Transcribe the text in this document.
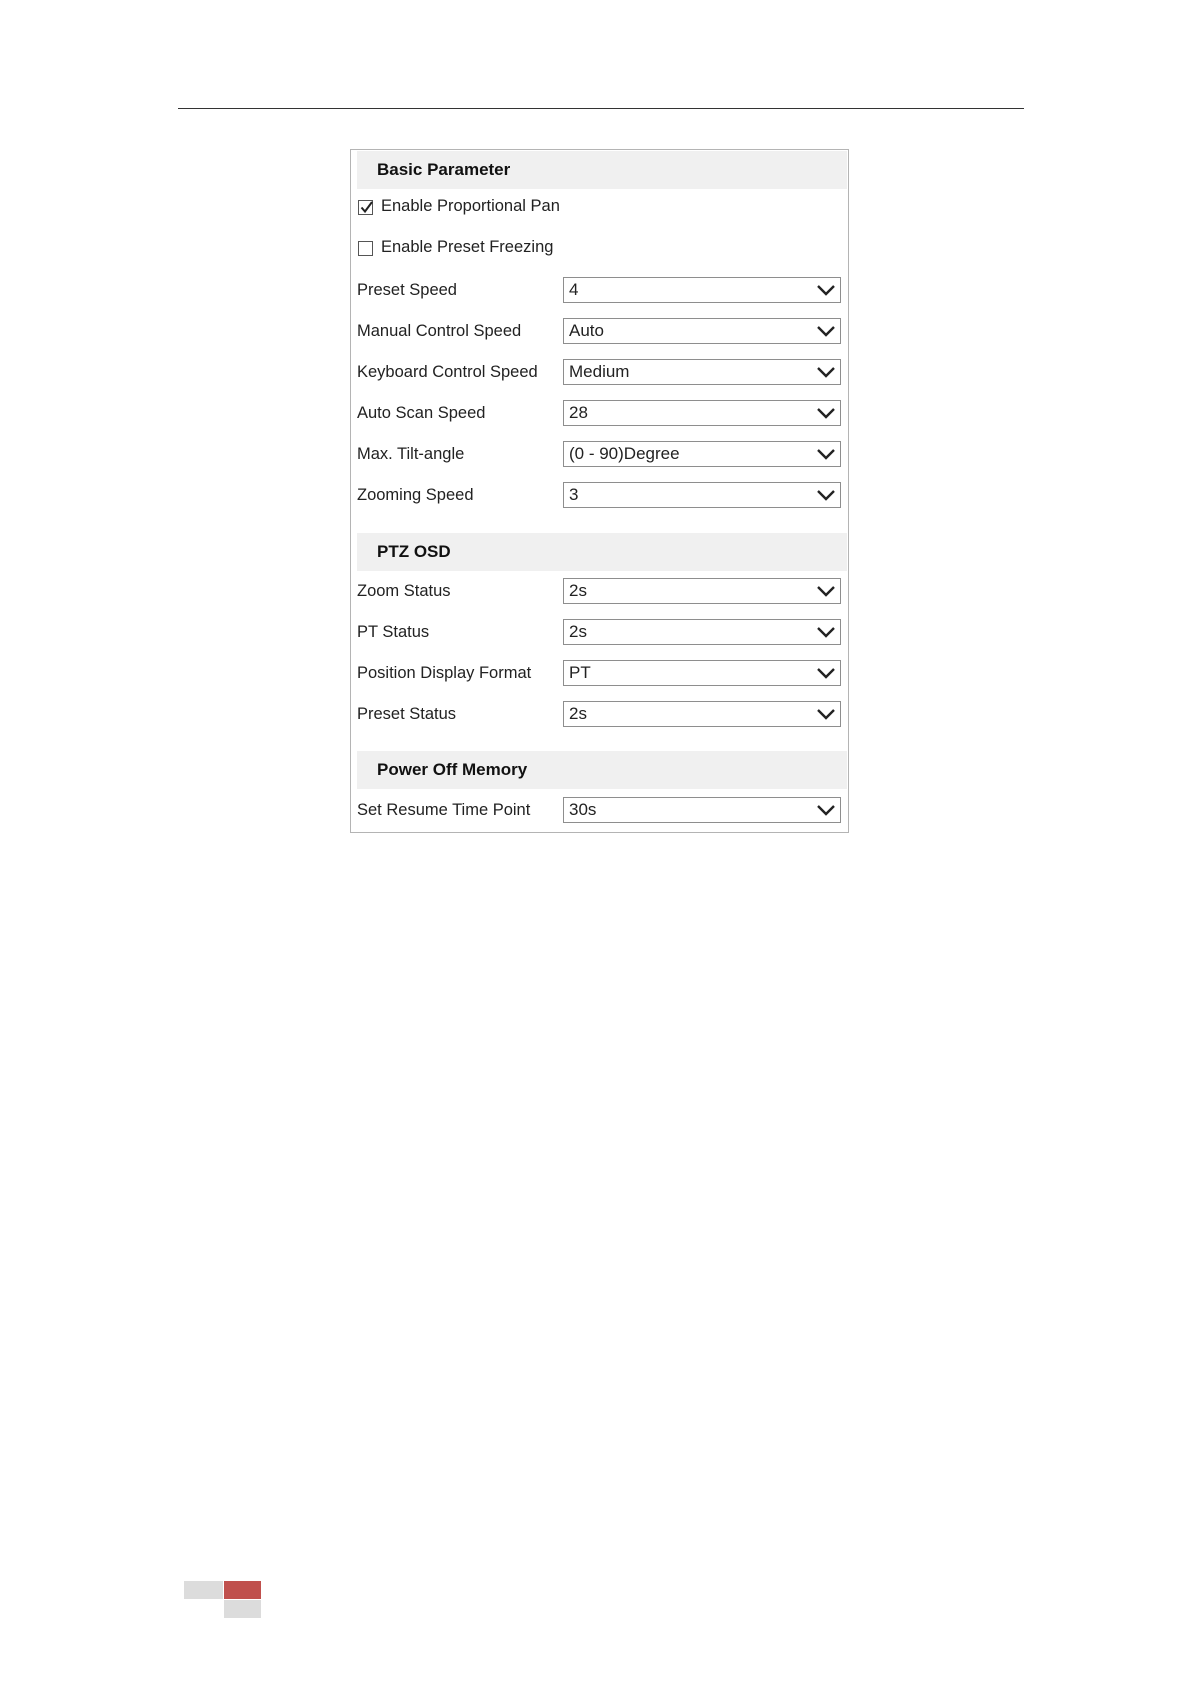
Basic Parameter
Enable Proportional Pan
Enable Preset Freezing
Preset Speed	4
Manual Control Speed	Auto
Keyboard Control Speed	Medium
Auto Scan Speed	28
Max. Tilt-angle	(0 - 90)Degree
Zooming Speed	3
PTZ OSD
Zoom Status	2s
PT Status	2s
Position Display Format	PT
Preset Status	2s
Power Off Memory
Set Resume Time Point	30s
